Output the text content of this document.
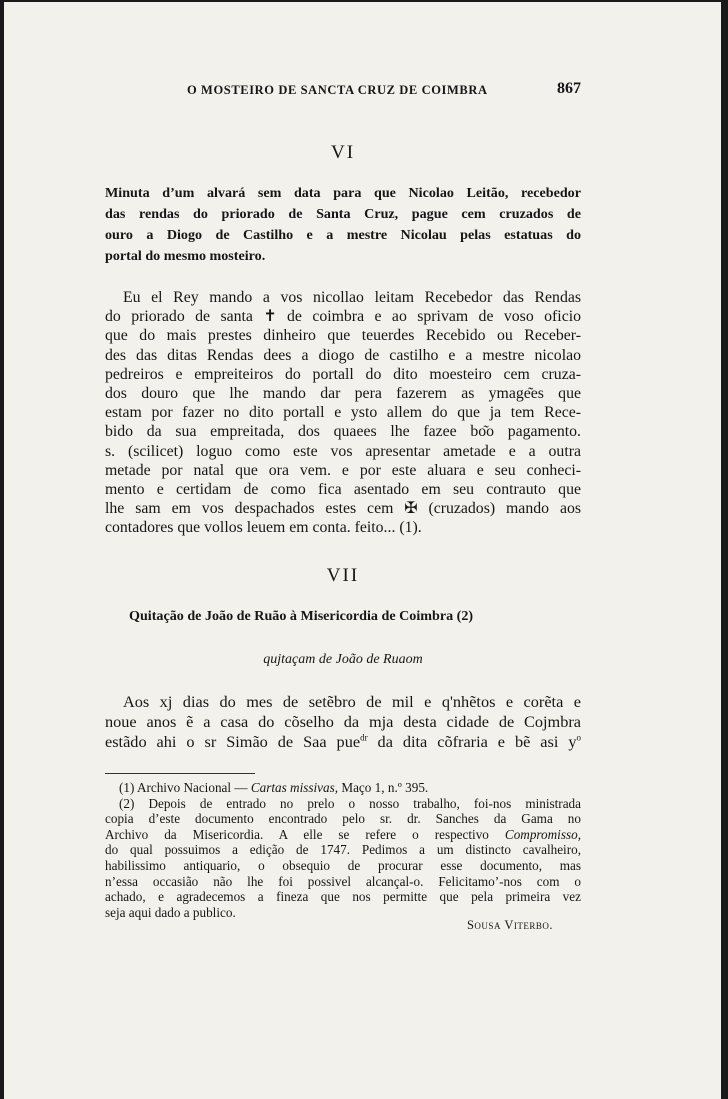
O MOSTEIRO DE SANCTA CRUZ DE COIMBRA	867
VI
Minuta d’um alvará sem data para que Nicolao Leitão, recebedor
das rendas do priorado de Santa Cruz, pague cem cruzados de
ouro a Diogo de Castilho e a mestre Nicolau pelas estatuas do
portal do mesmo mosteiro.
Eu el Rey mando a vos nicollao leitam Recebedor das Rendas
do priorado de santa ✝ de coimbra e ao sprivam de voso oficio
que do mais prestes dinheiro que teuerdes Recebido ou Receber-
des das ditas Rendas dees a diogo de castilho e a mestre nicolao
pedreiros e empreiteiros do portall do dito moesteiro cem cruza-
dos douro que lhe mando dar pera fazerem as ymage͂es que
estam por fazer no dito portall e ysto allem do que ja tem Rece-
bido da sua empreitada, dos quaees lhe fazee bo͂o pagamento.
s. (scilicet) loguo como este vos apresentar ametade e a outra
metade por natal que ora vem. e por este aluara e seu conheci-
mento e certidam de como fica asentado em seu contrauto que
lhe sam em vos despachados estes cem ✠ (cruzados) mando aos
contadores que vollos leuem em conta. feito... (1).
VII
Quitação de João de Ruão à Misericordia de Coimbra (2)
qujtaçam de João de Ruaom
Aos xj dias do mes de setẽbro de mil e q'nhẽtos e corẽta e
noue anos ẽ a casa do cõselho da mja desta cidade de Cojmbra
estãdo ahi o sr Simão de Saa pue$^{dr}$ da dita cõfraria e bẽ asi $y^o$
(1) Archivo Nacional — Cartas missivas, Maço 1, n.º 395.
(2) Depois de entrado no prelo o nosso trabalho, foi-nos ministrada
copia d’este documento encontrado pelo sr. dr. Sanches da Gama no
Archivo da Misericordia. A elle se refere o respectivo Compromisso,
do qual possuimos a edição de 1747. Pedimos a um distincto cavalheiro,
habilissimo antiquario, o obsequio de procurar esse documento, mas
n’essa occasião não lhe foi possivel alcançal-o. Felicitamo’-nos com o
achado, e agradecemos a fineza que nos permitte que pela primeira vez
seja aqui dado a publico.
Sousa Viterbo.
